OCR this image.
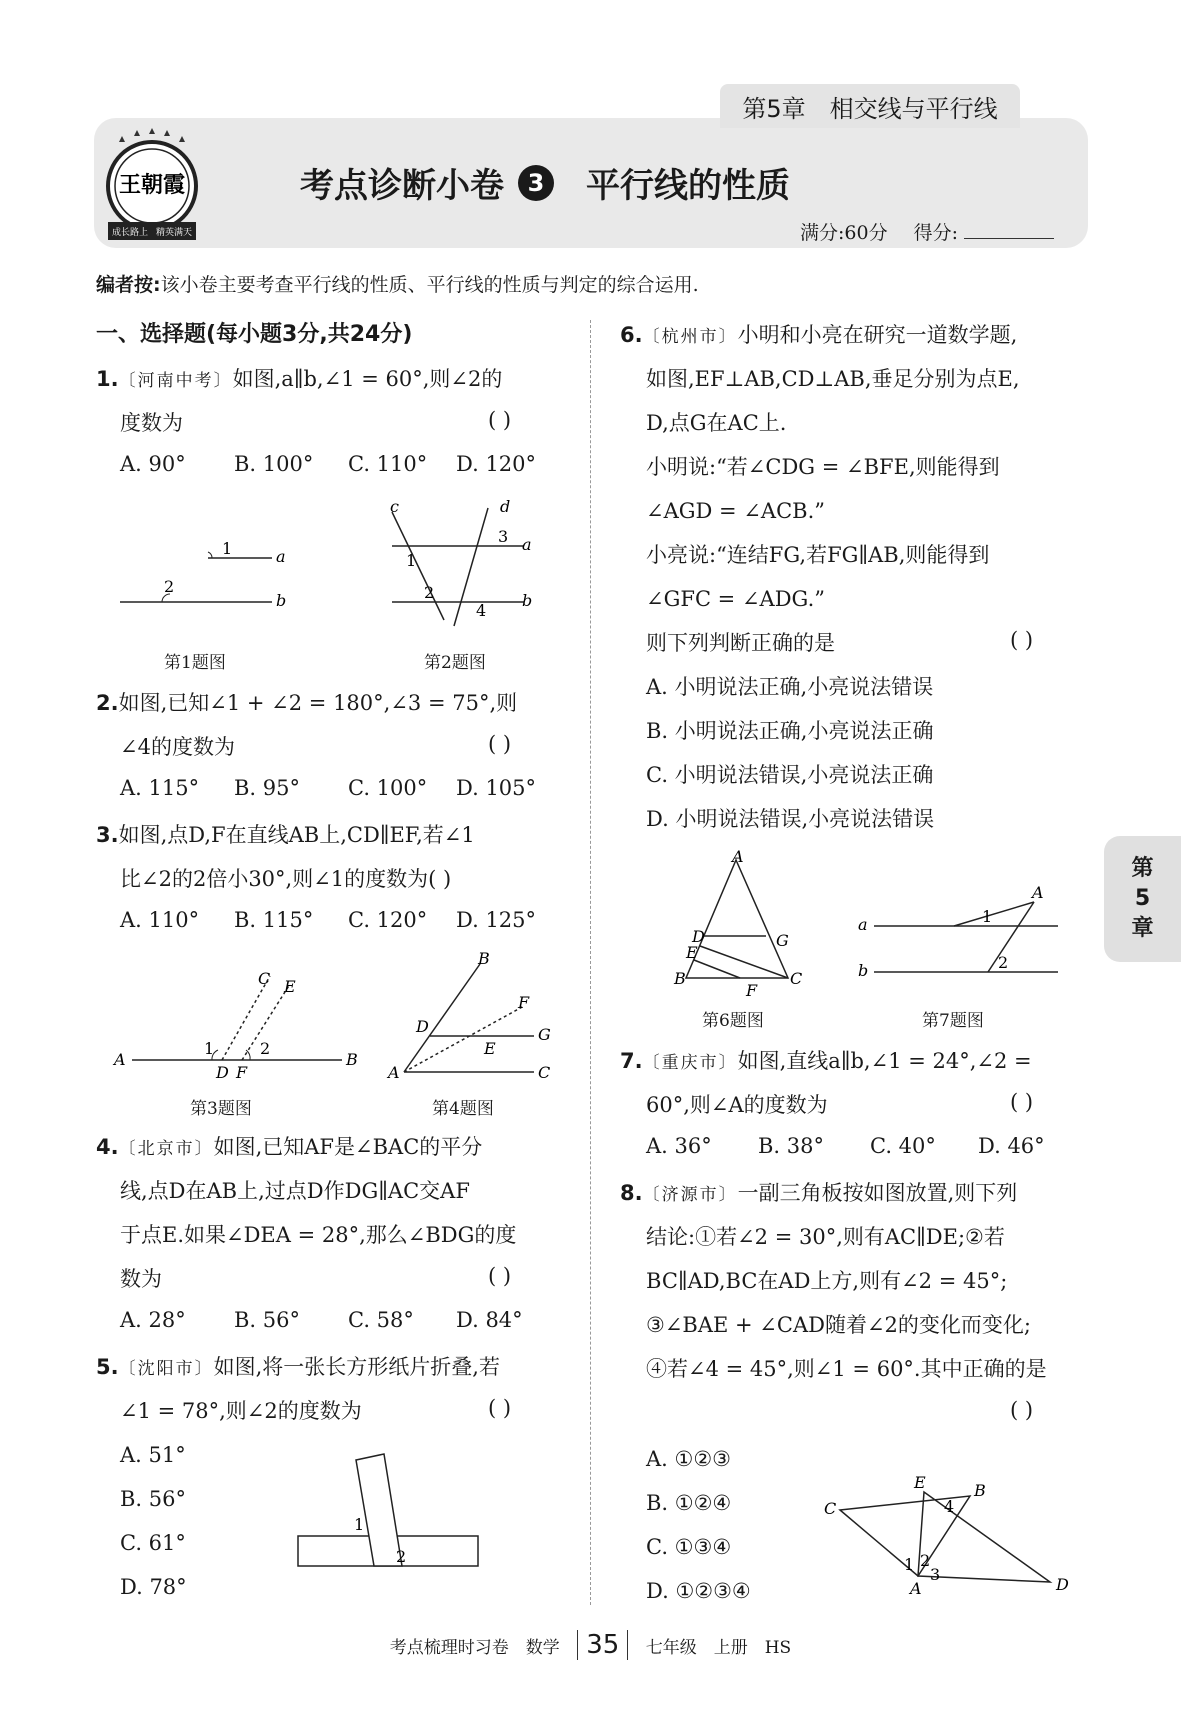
第5章 相交线与平行线
王朝霞
成长路上 精英满天
考点诊断小卷 3 平行线的性质
满分:60分 得分:
编者按:该小卷主要考查平行线的性质、平行线的性质与判定的综合运用.
一、选择题(每小题3分,共24分)
1.〔河南中考〕如图,a∥b,∠1 = 60°,则∠2的
度数为	( )
A. 90°	B. 100°	C. 110°	D. 120°
1	a
2
b
第1题图
c	d
3 a
1
2
4
b
第2题图
2.如图,已知∠1 + ∠2 = 180°,∠3 = 75°,则
∠4的度数为	( )
A. 115°	B. 95°	C. 100°	D. 105°
3.如图,点D,F在直线AB上,CD∥EF,若∠1
比∠2的2倍小30°,则∠1的度数为( )
A. 110°	B. 115°	C. 120°	D. 125°
A	B
C E
1	2
D F
第3题图
A	C
B
D
E
F
G
第4题图
4.〔北京市〕如图,已知AF是∠BAC的平分
线,点D在AB上,过点D作DG∥AC交AF
于点E.如果∠DEA = 28°,那么∠BDG的度
数为	( )
A. 28°	B. 56°	C. 58°	D. 84°
5.〔沈阳市〕如图,将一张长方形纸片折叠,若
∠1 = 78°,则∠2的度数为	( )
A. 51°
B. 56°
C. 61°
D. 78°
1
2
6.〔杭州市〕小明和小亮在研究一道数学题,
如图,EF⊥AB,CD⊥AB,垂足分别为点E,
D,点G在AC上.
小明说:“若∠CDG = ∠BFE,则能得到
∠AGD = ∠ACB.”
小亮说:“连结FG,若FG∥AB,则能得到
∠GFC = ∠ADG.”
则下列判断正确的是	( )
A. 小明说法正确,小亮说法错误
B. 小明说法正确,小亮说法正确
C. 小明说法错误,小亮说法正确
D. 小明说法错误,小亮说法错误
A
D
E
B
G
C
F
第6题图
a
b
A
1
2
第7题图
7.〔重庆市〕如图,直线a∥b,∠1 = 24°,∠2 =
60°,则∠A的度数为	( )
A. 36°	B. 38°	C. 40°	D. 46°
8.〔济源市〕一副三角板按如图放置,则下列
结论:①若∠2 = 30°,则有AC∥DE;②若
BC∥AD,BC在AD上方,则有∠2 = 45°;
③∠BAE + ∠CAD随着∠2的变化而变化;
④若∠4 = 45°,则∠1 = 60°.其中正确的是
( )
A. ①②③
B. ①②④
C. ①③④
D. ①②③④
C
E	B
4
1 2
3
A	D
第
5
章
考点梳理时习卷　数学 35 七年级　上册　HS
